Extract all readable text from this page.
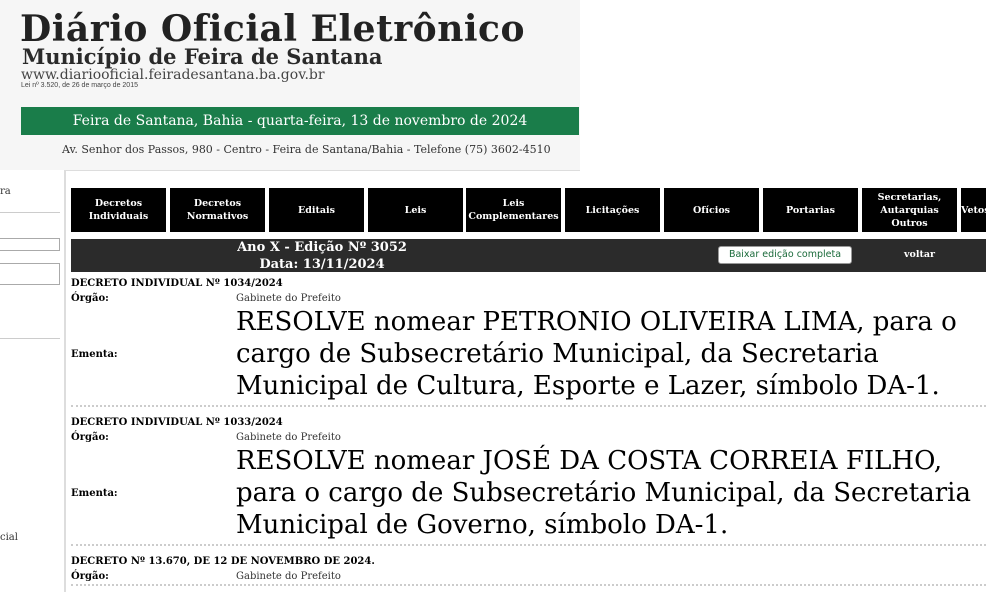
Diário Oficial Eletrônico
Município de Feira de Santana
www.diariooficial.feiradesantana.ba.gov.br
Lei nº 3.520, de 26 de março de 2015
Feira de Santana, Bahia - quarta-feira, 13 de novembro de 2024
Av. Senhor dos Passos, 980 - Centro - Feira de Santana/Bahia - Telefone (75) 3602-4510
ra
cial
Decretos Individuais
Decretos Normativos
Editais	Leis
Leis Complementares
Licitações	Ofícios	Portarias
Secretarias, Autarquias Outros
Vetos
Ano X - Edição Nº 3052
Data: 13/11/2024
Baixar edição completa	voltar
DECRETO INDIVIDUAL Nº 1034/2024
Órgão:	Gabinete do Prefeito
Ementa:
RESOLVE nomear PETRONIO OLIVEIRA LIMA, para o cargo de Subsecretário Municipal, da Secretaria Municipal de Cultura, Esporte e Lazer, símbolo DA-1.
DECRETO INDIVIDUAL Nº 1033/2024
Órgão:	Gabinete do Prefeito
Ementa:
RESOLVE nomear JOSÉ DA COSTA CORREIA FILHO, para o cargo de Subsecretário Municipal, da Secretaria Municipal de Governo, símbolo DA-1.
DECRETO Nº 13.670, DE 12 DE NOVEMBRO DE 2024.
Órgão:	Gabinete do Prefeito
